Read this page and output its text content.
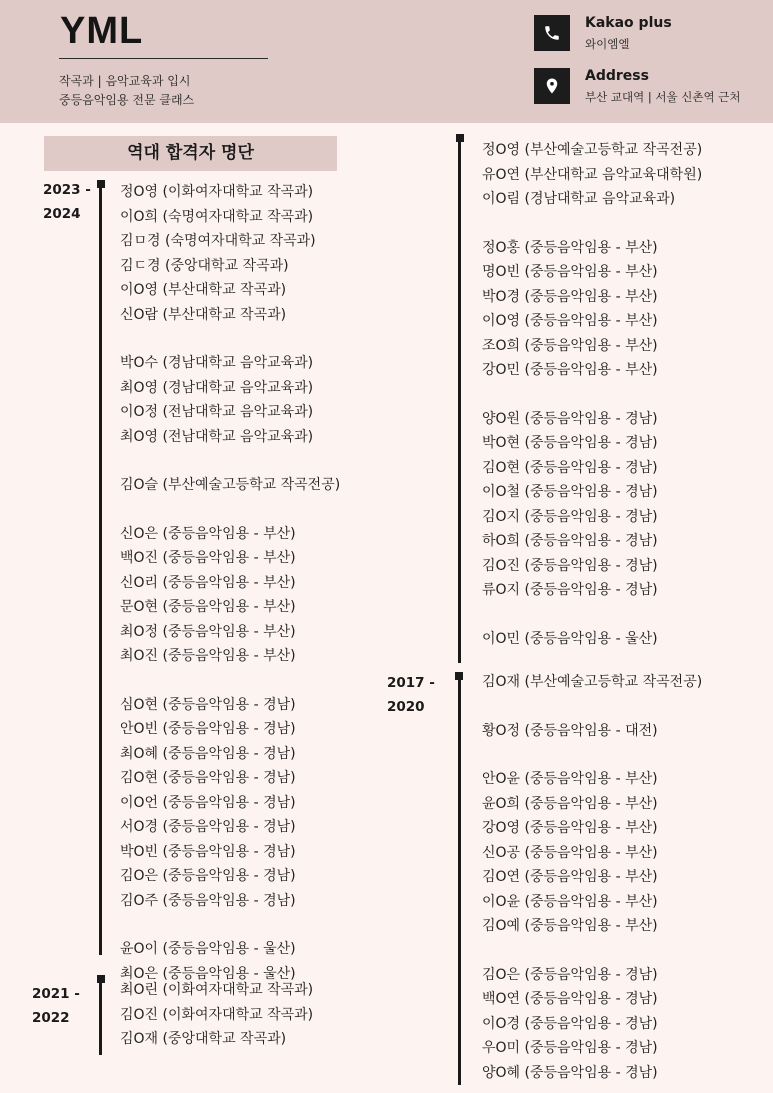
YML
작곡과 | 음악교육과 입시
중등음악임용 전문 클래스
Kakao plus
와이엠엘
Address
부산 교대역 | 서울 신촌역 근처
역대 합격자 명단
2023 -
2024
정O영 (이화여자대학교 작곡과)
이O희 (숙명여자대학교 작곡과)
김ㅁ경 (숙명여자대학교 작곡과)
김ㄷ경 (중앙대학교 작곡과)
이O영 (부산대학교 작곡과)
신O람 (부산대학교 작곡과)
박O수 (경남대학교 음악교육과)
최O영 (경남대학교 음악교육과)
이O정 (전남대학교 음악교육과)
최O영 (전남대학교 음악교육과)
김O슬 (부산예술고등학교 작곡전공)
신O은 (중등음악임용 - 부산)
백O진 (중등음악임용 - 부산)
신O리 (중등음악임용 - 부산)
문O현 (중등음악임용 - 부산)
최O정 (중등음악임용 - 부산)
최O진 (중등음악임용 - 부산)
심O현 (중등음악임용 - 경남)
안O빈 (중등음악임용 - 경남)
최O혜 (중등음악임용 - 경남)
김O현 (중등음악임용 - 경남)
이O언 (중등음악임용 - 경남)
서O경 (중등음악임용 - 경남)
박O빈 (중등음악임용 - 경남)
김O은 (중등음악임용 - 경남)
김O주 (중등음악임용 - 경남)
윤O이 (중등음악임용 - 울산)
최O은 (중등음악임용 - 울산)
2021 -
2022
최O린 (이화여자대학교 작곡과)
김O진 (이화여자대학교 작곡과)
김O재 (중앙대학교 작곡과)
정O영 (부산예술고등학교 작곡전공)
유O연 (부산대학교 음악교육대학원)
이O림 (경남대학교 음악교육과)
정O홍 (중등음악임용 - 부산)
명O빈 (중등음악임용 - 부산)
박O경 (중등음악임용 - 부산)
이O영 (중등음악임용 - 부산)
조O희 (중등음악임용 - 부산)
강O민 (중등음악임용 - 부산)
양O원 (중등음악임용 - 경남)
박O현 (중등음악임용 - 경남)
김O현 (중등음악임용 - 경남)
이O철 (중등음악임용 - 경남)
김O지 (중등음악임용 - 경남)
하O희 (중등음악임용 - 경남)
김O진 (중등음악임용 - 경남)
류O지 (중등음악임용 - 경남)
이O민 (중등음악임용 - 울산)
2017 -
2020
김O재 (부산예술고등학교 작곡전공)
황O정 (중등음악임용 - 대전)
안O윤 (중등음악임용 - 부산)
윤O희 (중등음악임용 - 부산)
강O영 (중등음악임용 - 부산)
신O공 (중등음악임용 - 부산)
김O연 (중등음악임용 - 부산)
이O윤 (중등음악임용 - 부산)
김O예 (중등음악임용 - 부산)
김O은 (중등음악임용 - 경남)
백O연 (중등음악임용 - 경남)
이O경 (중등음악임용 - 경남)
우O미 (중등음악임용 - 경남)
양O혜 (중등음악임용 - 경남)
